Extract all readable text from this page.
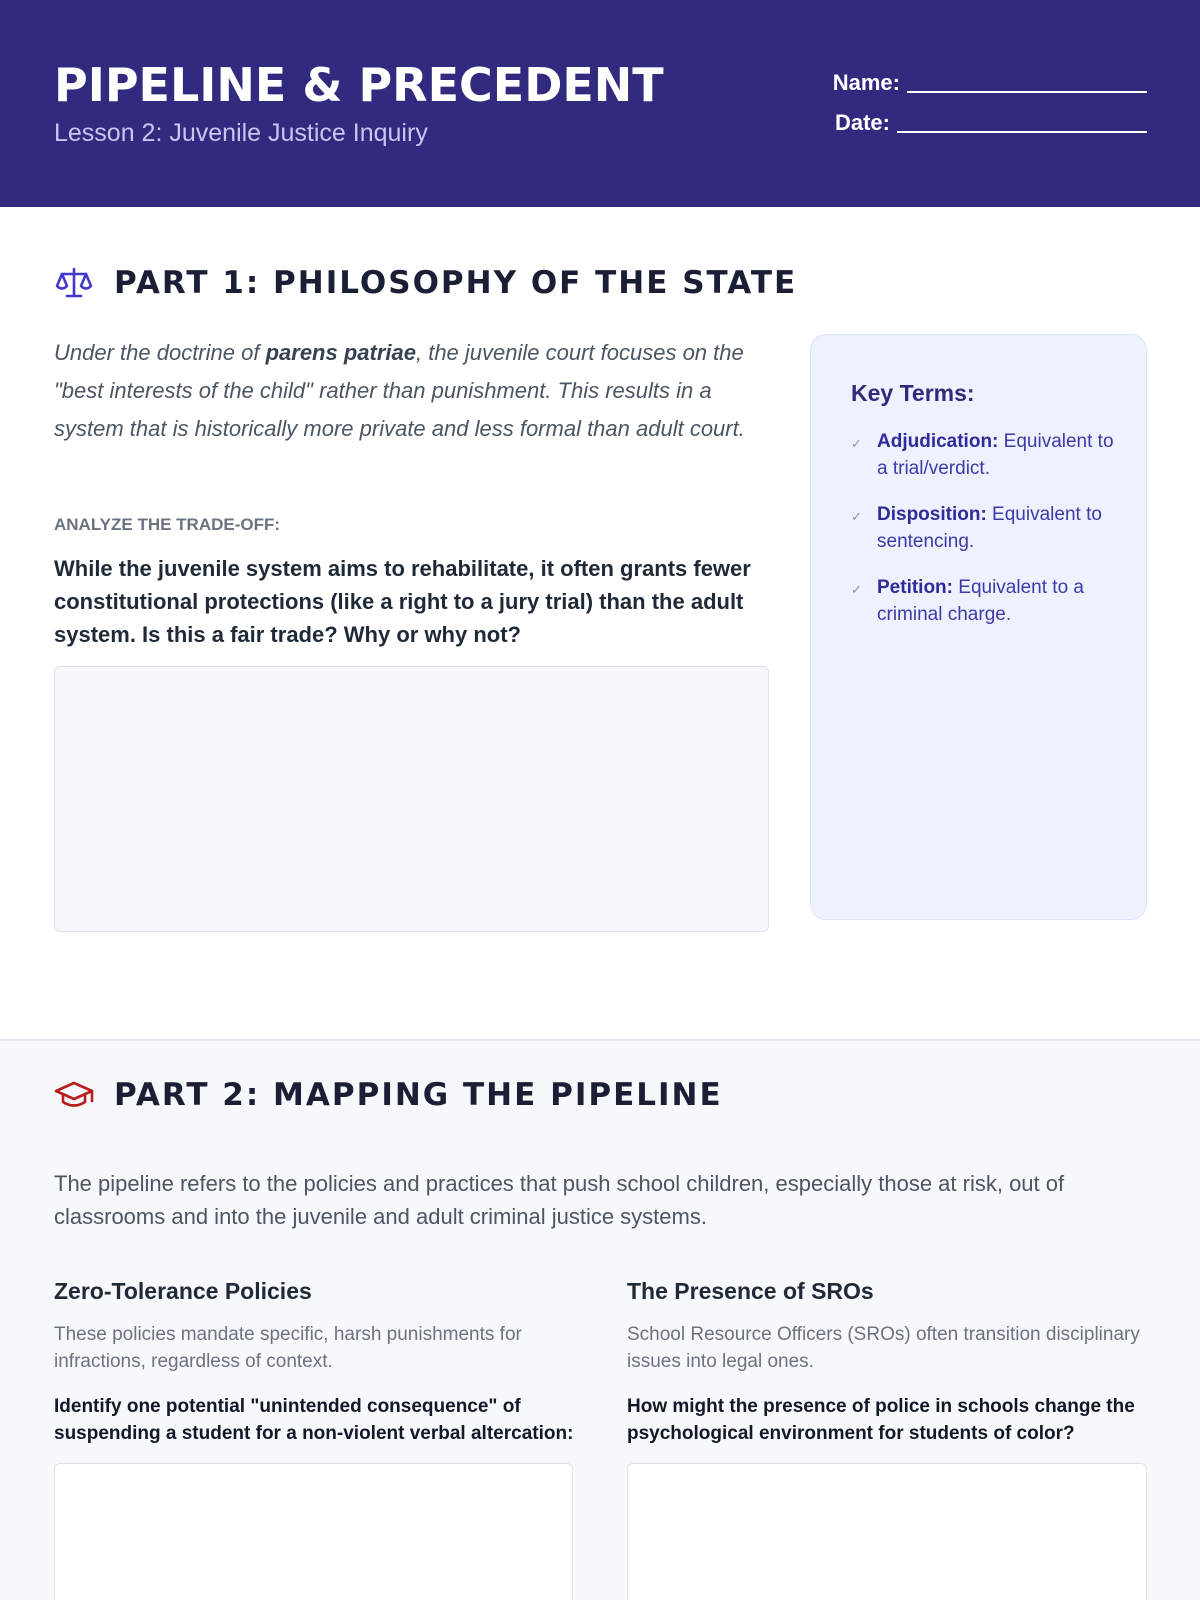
PIPELINE & PRECEDENT
Lesson 2: Juvenile Justice Inquiry
Name:
Date:
PART 1: PHILOSOPHY OF THE STATE
Under the doctrine of parens patriae, the juvenile court focuses on the "best interests of the child" rather than punishment. This results in a system that is historically more private and less formal than adult court.
ANALYZE THE TRADE-OFF:
While the juvenile system aims to rehabilitate, it often grants fewer constitutional protections (like a right to a jury trial) than the adult system. Is this a fair trade? Why or why not?
Key Terms:
✓ Adjudication: Equivalent to a trial/verdict.
✓ Disposition: Equivalent to sentencing.
✓ Petition: Equivalent to a criminal charge.
PART 2: MAPPING THE PIPELINE
The pipeline refers to the policies and practices that push school children, especially those at risk, out of classrooms and into the juvenile and adult criminal justice systems.
Zero-Tolerance Policies
These policies mandate specific, harsh punishments for infractions, regardless of context.
Identify one potential "unintended consequence" of suspending a student for a non-violent verbal altercation:
The Presence of SROs
School Resource Officers (SROs) often transition disciplinary issues into legal ones.
How might the presence of police in schools change the psychological environment for students of color?
